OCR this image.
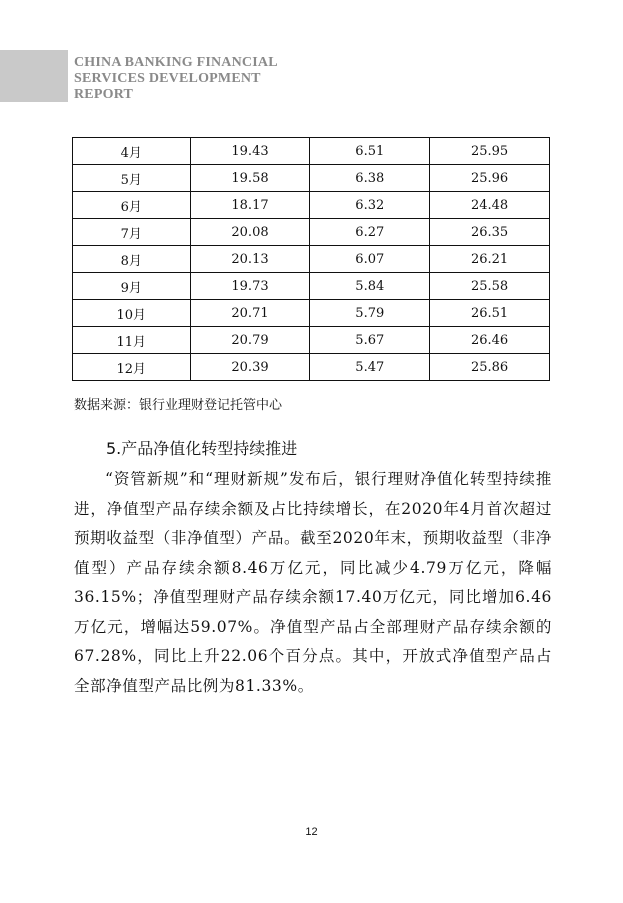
CHINA BANKING FINANCIAL
SERVICES DEVELOPMENT
REPORT
4月	19.43	6.51	25.95
5月	19.58	6.38	25.96
6月	18.17	6.32	24.48
7月	20.08	6.27	26.35
8月	20.13	6.07	26.21
9月	19.73	5.84	25.58
10月	20.71	5.79	26.51
11月	20.79	5.67	26.46
12月	20.39	5.47	25.86
数据来源：银行业理财登记托管中心
5.产品净值化转型持续推进
“资管新规”和“理财新规”发布后，银行理财净值化转型持续推进，净值型产品存续余额及占比持续增长，在2020年4月首次超过预期收益型（非净值型）产品。截至2020年末，预期收益型（非净值型）产品存续余额8.46万亿元，同比减少4.79万亿元，降幅36.15%；净值型理财产品存续余额17.40万亿元，同比增加6.46万亿元，增幅达59.07%。净值型产品占全部理财产品存续余额的67.28%，同比上升22.06个百分点。其中，开放式净值型产品占全部净值型产品比例为81.33%。
12
